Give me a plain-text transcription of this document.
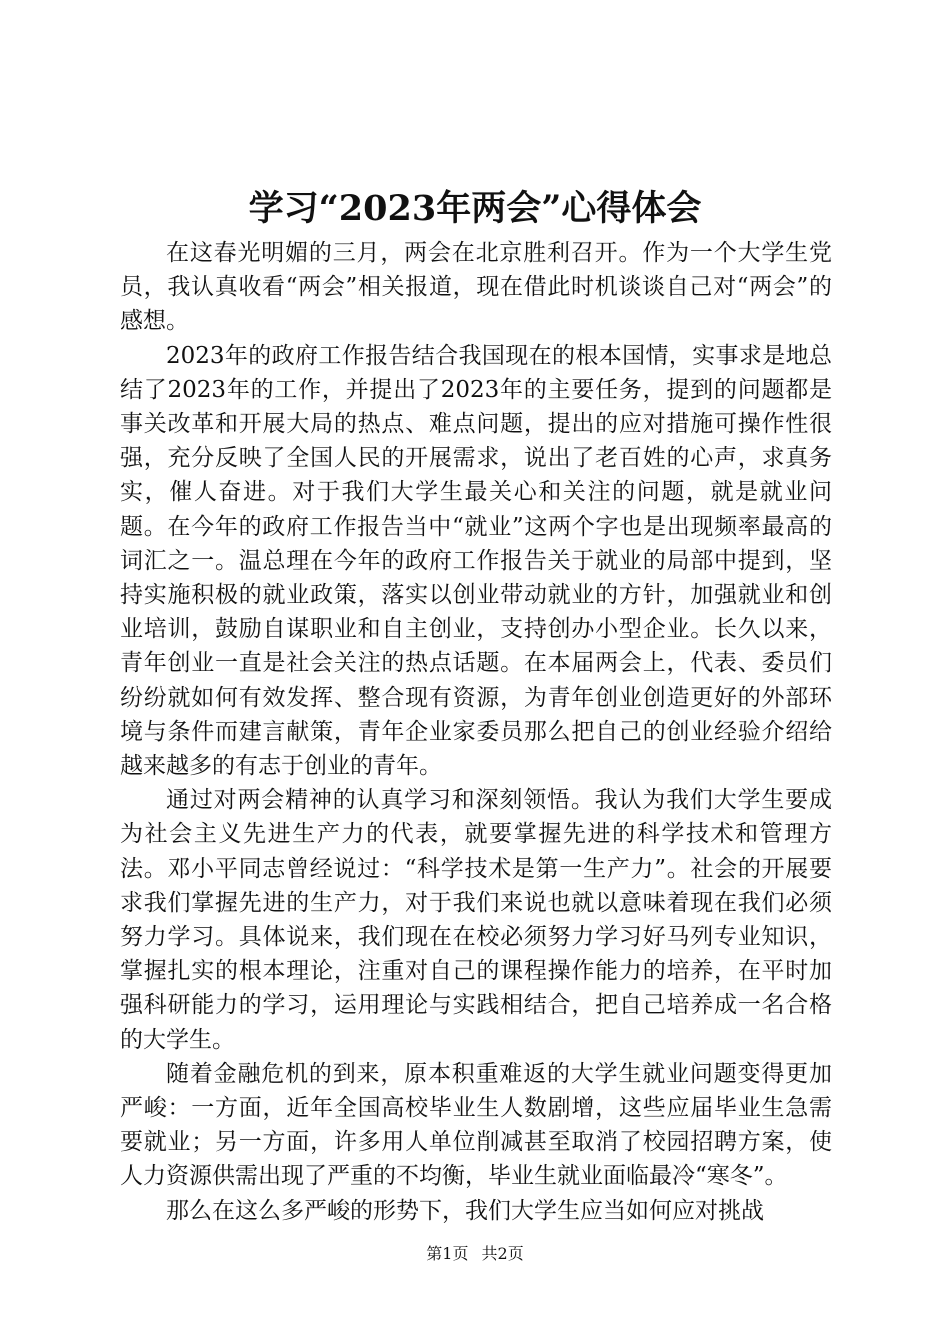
学习“2023年两会”心得体会

在这春光明媚的三月，两会在北京胜利召开。作为一个大学生党员，我认真收看“两会”相关报道，现在借此时机谈谈自己对“两会”的感想。

2023年的政府工作报告结合我国现在的根本国情，实事求是地总结了2023年的工作，并提出了2023年的主要任务，提到的问题都是事关改革和开展大局的热点、难点问题，提出的应对措施可操作性很强，充分反映了全国人民的开展需求，说出了老百姓的心声，求真务实，催人奋进。对于我们大学生最关心和关注的问题，就是就业问题。在今年的政府工作报告当中“就业”这两个字也是出现频率最高的词汇之一。温总理在今年的政府工作报告关于就业的局部中提到，坚持实施积极的就业政策，落实以创业带动就业的方针，加强就业和创业培训，鼓励自谋职业和自主创业，支持创办小型企业。长久以来，青年创业一直是社会关注的热点话题。在本届两会上，代表、委员们纷纷就如何有效发挥、整合现有资源，为青年创业创造更好的外部环境与条件而建言献策，青年企业家委员那么把自己的创业经验介绍给越来越多的有志于创业的青年。

通过对两会精神的认真学习和深刻领悟。我认为我们大学生要成为社会主义先进生产力的代表，就要掌握先进的科学技术和管理方法。邓小平同志曾经说过：“科学技术是第一生产力”。社会的开展要求我们掌握先进的生产力，对于我们来说也就以意味着现在我们必须努力学习。具体说来，我们现在在校必须努力学习好马列专业知识，掌握扎实的根本理论，注重对自己的课程操作能力的培养，在平时加强科研能力的学习，运用理论与实践相结合，把自己培养成一名合格的大学生。

随着金融危机的到来，原本积重难返的大学生就业问题变得更加严峻：一方面，近年全国高校毕业生人数剧增，这些应届毕业生急需要就业；另一方面，许多用人单位削减甚至取消了校园招聘方案，使人力资源供需出现了严重的不均衡，毕业生就业面临最冷“寒冬”。

那么在这么多严峻的形势下，我们大学生应当如何应对挑战

第1页 共2页
